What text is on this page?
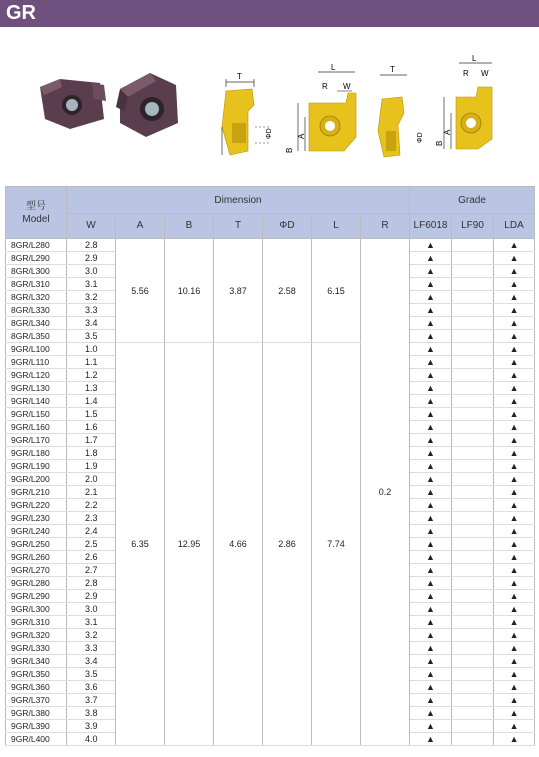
GR
T
ΦD
L
R W
B
A
T
ΦD
L
R W
B
A
型号
Model	Dimension							Grade		
	W	A	B	T	ΦD	L	R	LF6018	LF90	LDA
8GR/L280	2.8	5.56	10.16	3.87	2.58	6.15	0.2	▲		▲
8GR/L290	2.9							▲		▲
8GR/L300	3.0							▲		▲
8GR/L310	3.1							▲		▲
8GR/L320	3.2							▲		▲
8GR/L330	3.3							▲		▲
8GR/L340	3.4							▲		▲
8GR/L350	3.5							▲		▲
9GR/L100	1.0	6.35	12.95	4.66	2.86	7.74		▲		▲
9GR/L110	1.1							▲		▲
9GR/L120	1.2							▲		▲
9GR/L130	1.3							▲		▲
9GR/L140	1.4							▲		▲
9GR/L150	1.5							▲		▲
9GR/L160	1.6							▲		▲
9GR/L170	1.7							▲		▲
9GR/L180	1.8							▲		▲
9GR/L190	1.9							▲		▲
9GR/L200	2.0							▲		▲
9GR/L210	2.1							▲		▲
9GR/L220	2.2							▲		▲
9GR/L230	2.3							▲		▲
9GR/L240	2.4							▲		▲
9GR/L250	2.5							▲		▲
9GR/L260	2.6							▲		▲
9GR/L270	2.7							▲		▲
9GR/L280	2.8							▲		▲
9GR/L290	2.9							▲		▲
9GR/L300	3.0							▲		▲
9GR/L310	3.1							▲		▲
9GR/L320	3.2							▲		▲
9GR/L330	3.3							▲		▲
9GR/L340	3.4							▲		▲
9GR/L350	3.5							▲		▲
9GR/L360	3.6							▲		▲
9GR/L370	3.7							▲		▲
9GR/L380	3.8							▲		▲
9GR/L390	3.9							▲		▲
9GR/L400	4.0							▲		▲
